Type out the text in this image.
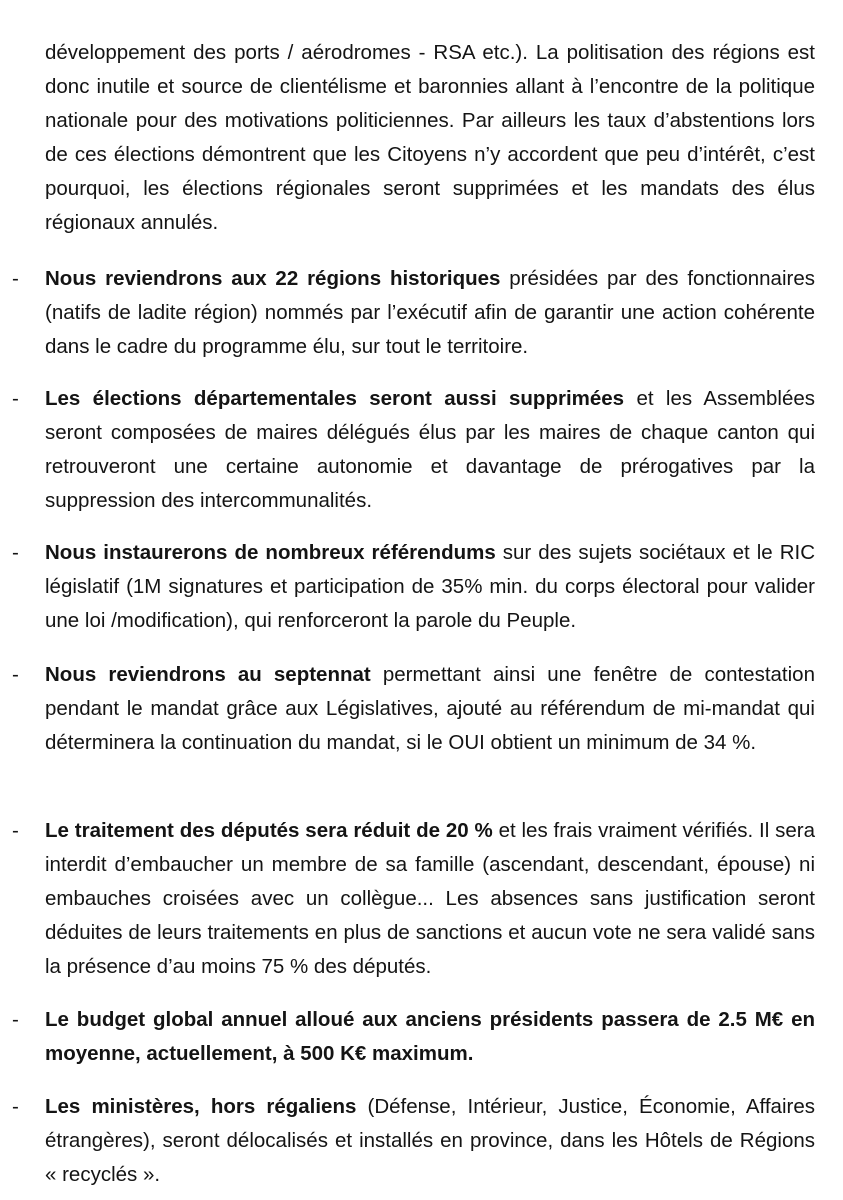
développement des ports / aérodromes - RSA etc.). La politisation des régions est donc inutile et source de clientélisme et baronnies allant à l’encontre de la politique nationale pour des motivations politiciennes. Par ailleurs les taux d’abstentions lors de ces élections démontrent que les Citoyens n’y accordent que peu d’intérêt, c’est pourquoi, les élections régionales seront supprimées et les mandats des élus régionaux annulés.

- Nous reviendrons aux 22 régions historiques présidées par des fonctionnaires (natifs de ladite région) nommés par l’exécutif afin de garantir une action cohérente dans le cadre du programme élu, sur tout le territoire.

- Les élections départementales seront aussi supprimées et les Assemblées seront composées de maires délégués élus par les maires de chaque canton qui retrouveront une certaine autonomie et davantage de prérogatives par la suppression des intercommunalités.

- Nous instaurerons de nombreux référendums sur des sujets sociétaux et le RIC législatif (1M signatures et participation de 35% min. du corps électoral pour valider une loi /modification), qui renforceront la parole du Peuple.

- Nous reviendrons au septennat permettant ainsi une fenêtre de contestation pendant le mandat grâce aux Législatives, ajouté au référendum de mi-mandat qui déterminera la continuation du mandat, si le OUI obtient un minimum de 34 %.

- Le traitement des députés sera réduit de 20 % et les frais vraiment vérifiés. Il sera interdit d’embaucher un membre de sa famille (ascendant, descendant, épouse) ni embauches croisées avec un collègue... Les absences sans justification seront déduites de leurs traitements en plus de sanctions et aucun vote ne sera validé sans la présence d’au moins 75 % des députés.

- Le budget global annuel alloué aux anciens présidents passera de 2.5 M€ en moyenne, actuellement, à 500 K€ maximum.

- Les ministères, hors régaliens (Défense, Intérieur, Justice, Économie, Affaires étrangères), seront délocalisés et installés en province, dans les Hôtels de Régions « recyclés ».
